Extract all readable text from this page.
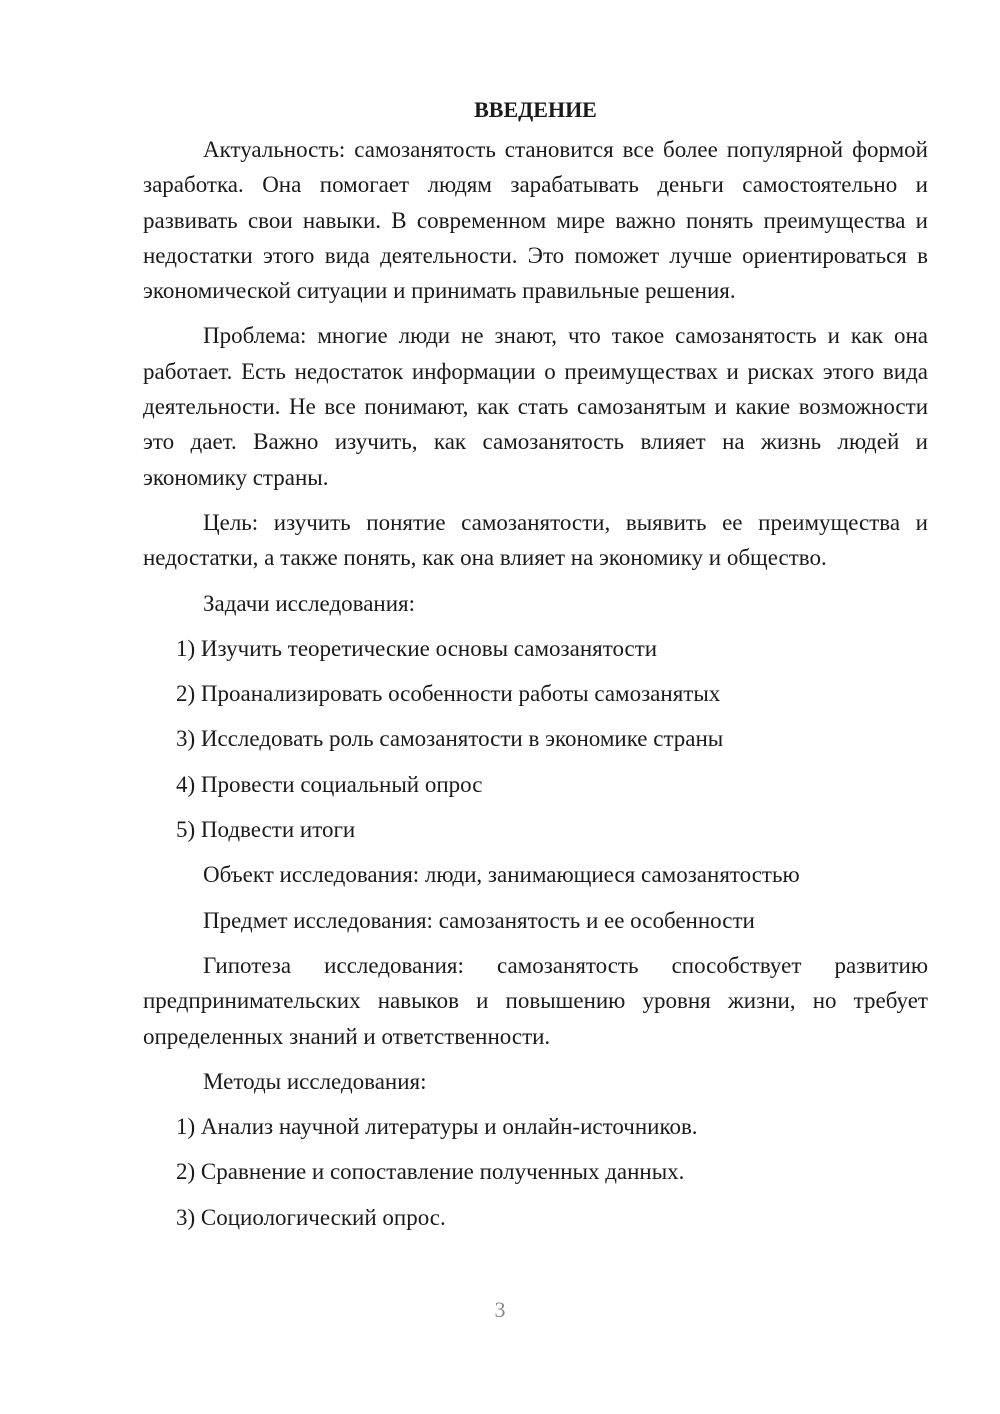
ВВЕДЕНИЕ

Актуальность: самозанятость становится все более популярной формой заработка. Она помогает людям зарабатывать деньги самостоятельно и развивать свои навыки. В современном мире важно понять преимущества и недостатки этого вида деятельности. Это поможет лучше ориентироваться в экономической ситуации и принимать правильные решения.

Проблема: многие люди не знают, что такое самозанятость и как она работает. Есть недостаток информации о преимуществах и рисках этого вида деятельности. Не все понимают, как стать самозанятым и какие возможности это дает. Важно изучить, как самозанятость влияет на жизнь людей и экономику страны.

Цель: изучить понятие самозанятости, выявить ее преимущества и недостатки, а также понять, как она влияет на экономику и общество.

Задачи исследования:
1) Изучить теоретические основы самозанятости
2) Проанализировать особенности работы самозанятых
3) Исследовать роль самозанятости в экономике страны
4) Провести социальный опрос
5) Подвести итоги
Объект исследования: люди, занимающиеся самозанятостью
Предмет исследования: самозанятость и ее особенности

Гипотеза исследования: самозанятость способствует развитию предпринимательских навыков и повышению уровня жизни, но требует определенных знаний и ответственности.

Методы исследования:
1) Анализ научной литературы и онлайн-источников.
2) Сравнение и сопоставление полученных данных.
3) Социологический опрос.
3
